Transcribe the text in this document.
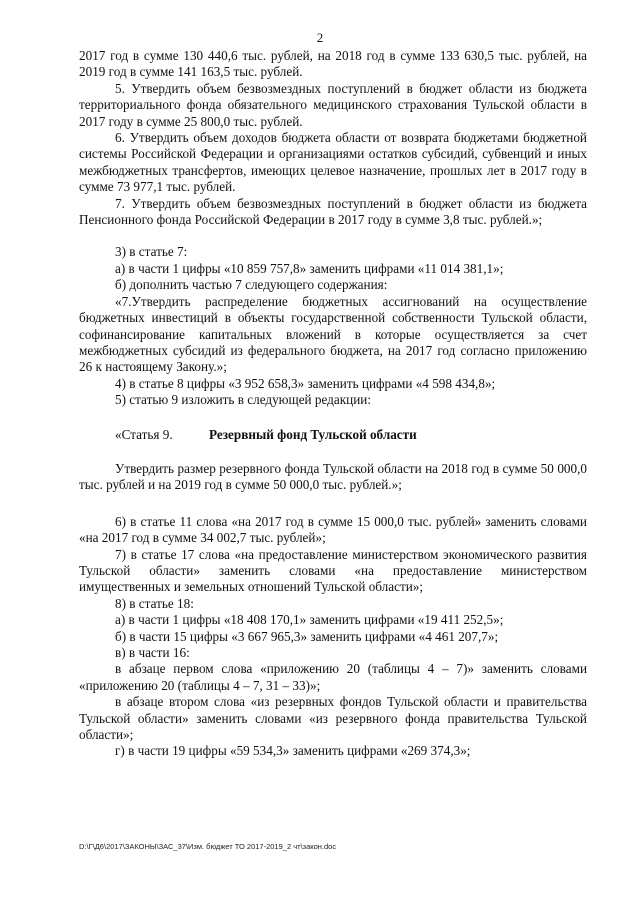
2

2017 год в сумме 130 440,6 тыс. рублей, на 2018 год в сумме 133 630,5 тыс. рублей, на 2019 год в сумме 141 163,5 тыс. рублей.

5. Утвердить объем безвозмездных поступлений в бюджет области из бюджета территориального фонда обязательного медицинского страхования Тульской области в 2017 году в сумме 25 800,0 тыс. рублей.

6. Утвердить объем доходов бюджета области от возврата бюджетами бюджетной системы Российской Федерации и организациями остатков субсидий, субвенций и иных межбюджетных трансфертов, имеющих целевое назначение, прошлых лет в 2017 году в сумме 73 977,1 тыс. рублей.

7. Утвердить объем безвозмездных поступлений в бюджет области из бюджета Пенсионного фонда Российской Федерации в 2017 году в сумме 3,8 тыс. рублей.»;

3) в статье 7:

а) в части 1 цифры «10 859 757,8» заменить цифрами «11 014 381,1»;

б) дополнить частью 7 следующего содержания:

«7.Утвердить распределение бюджетных ассигнований на осуществление бюджетных инвестиций в объекты государственной собственности Тульской области, софинансирование капитальных вложений в которые осуществляется за счет межбюджетных субсидий из федерального бюджета, на 2017 год согласно приложению 26 к настоящему Закону.»;

4) в статье 8 цифры «3 952 658,3» заменить цифрами «4 598 434,8»;

5) статью 9 изложить в следующей редакции:

«Статья 9.	Резервный фонд Тульской области

Утвердить размер резервного фонда Тульской области на 2018 год в сумме 50 000,0 тыс. рублей и на 2019 год в сумме 50 000,0 тыс. рублей.»;

6) в статье 11 слова «на 2017 год в сумме 15 000,0 тыс. рублей» заменить словами «на 2017 год в сумме 34 002,7 тыс. рублей»;

7) в статье 17 слова «на предоставление министерством экономического развития Тульской области» заменить словами «на предоставление министерством имущественных и земельных отношений Тульской области»;

8) в статье 18:

а) в части 1 цифры «18 408 170,1» заменить цифрами «19 411 252,5»;

б) в части 15 цифры «3 667 965,3» заменить цифрами «4 461 207,7»;

в) в части 16:

в абзаце первом слова «приложению 20 (таблицы 4 – 7)» заменить словами «приложению 20 (таблицы 4 – 7, 31 – 33)»;

в абзаце втором слова «из резервных фондов Тульской области и правительства Тульской области» заменить словами «из резервного фонда правительства Тульской области»;

г) в части 19 цифры «59 534,3» заменить цифрами «269 374,3»;

D:\Г\Д6\2017\ЗАКОНЫ\ЗАС_37\Изм. бюджет ТО 2017-2019_2 чт\закон.doc
